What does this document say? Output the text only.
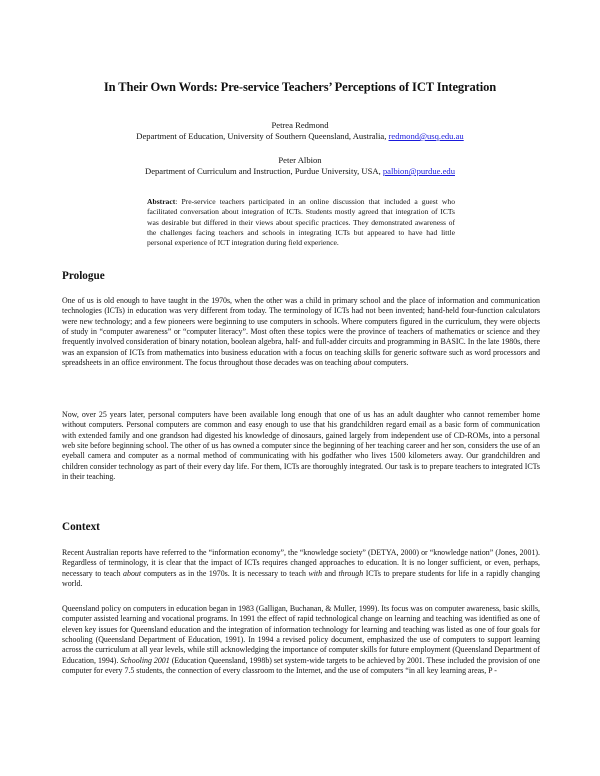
In Their Own Words: Pre-service Teachers’ Perceptions of ICT Integration
Petrea Redmond
Department of Education, University of Southern Queensland, Australia, redmond@usq.edu.au
Peter Albion
Department of Curriculum and Instruction, Purdue University, USA, palbion@purdue.edu
Abstract: Pre-service teachers participated in an online discussion that included a guest who facilitated conversation about integration of ICTs. Students mostly agreed that integration of ICTs was desirable but differed in their views about specific practices. They demonstrated awareness of the challenges facing teachers and schools in integrating ICTs but appeared to have had little personal experience of ICT integration during field experience.
Prologue
One of us is old enough to have taught in the 1970s, when the other was a child in primary school and the place of information and communication technologies (ICTs) in education was very different from today. The terminology of ICTs had not been invented; hand-held four-function calculators were new technology; and a few pioneers were beginning to use computers in schools. Where computers figured in the curriculum, they were objects of study in “computer awareness” or “computer literacy”. Most often these topics were the province of teachers of mathematics or science and they frequently involved consideration of binary notation, boolean algebra, half- and full-adder circuits and programming in BASIC. In the late 1980s, there was an expansion of ICTs from mathematics into business education with a focus on teaching skills for generic software such as word processors and spreadsheets in an office environment. The focus throughout those decades was on teaching about computers.
Now, over 25 years later, personal computers have been available long enough that one of us has an adult daughter who cannot remember home without computers. Personal computers are common and easy enough to use that his grandchildren regard email as a basic form of communication with extended family and one grandson had digested his knowledge of dinosaurs, gained largely from independent use of CD-ROMs, into a personal web site before beginning school. The other of us has owned a computer since the beginning of her teaching career and her son, considers the use of an eyeball camera and computer as a normal method of communicating with his godfather who lives 1500 kilometers away. Our grandchildren and children consider technology as part of their every day life. For them, ICTs are thoroughly integrated. Our task is to prepare teachers to integrated ICTs in their teaching.
Context
Recent Australian reports have referred to the “information economy”, the “knowledge society” (DETYA, 2000) or “knowledge nation” (Jones, 2001). Regardless of terminology, it is clear that the impact of ICTs requires changed approaches to education. It is no longer sufficient, or even, perhaps, necessary to teach about computers as in the 1970s. It is necessary to teach with and through ICTs to prepare students for life in a rapidly changing world.
Queensland policy on computers in education began in 1983 (Galligan, Buchanan, & Muller, 1999). Its focus was on computer awareness, basic skills, computer assisted learning and vocational programs. In 1991 the effect of rapid technological change on learning and teaching was identified as one of eleven key issues for Queensland education and the integration of information technology for learning and teaching was listed as one of four goals for schooling (Queensland Department of Education, 1991). In 1994 a revised policy document, emphasized the use of computers to support learning across the curriculum at all year levels, while still acknowledging the importance of computer skills for future employment (Queensland Department of Education, 1994). Schooling 2001 (Education Queensland, 1998b) set system-wide targets to be achieved by 2001. These included the provision of one computer for every 7.5 students, the connection of every classroom to the Internet, and the use of computers “in all key learning areas, P -
